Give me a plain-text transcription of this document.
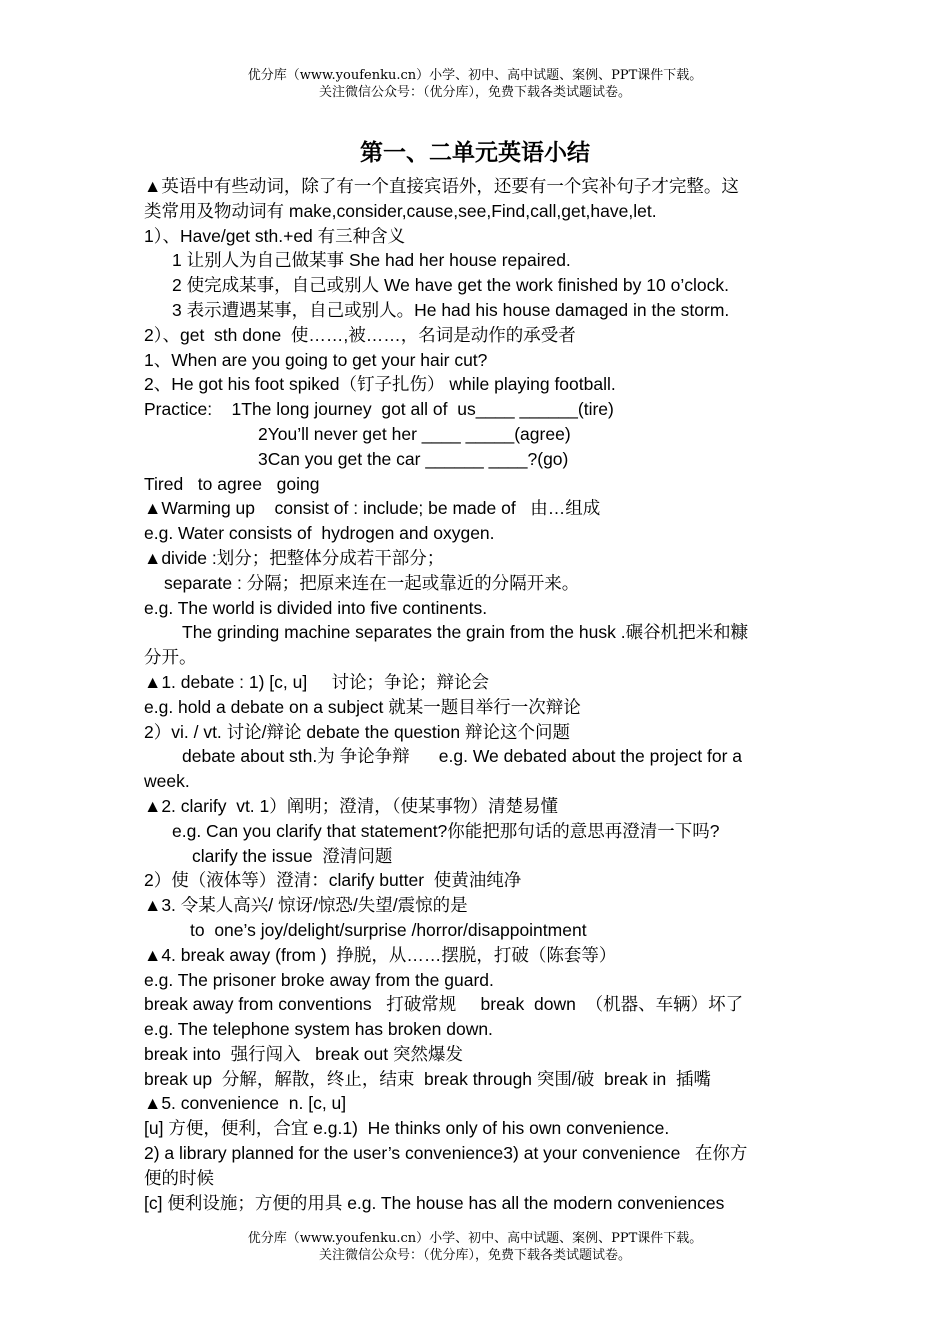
优分库（www.youfenku.cn）小学、初中、高中试题、案例、PPT课件下载。
关注微信公众号：（优分库），免费下载各类试题试卷。
第一、二单元英语小结
▲英语中有些动词，除了有一个直接宾语外，还要有一个宾补句子才完整。这
类常用及物动词有 make,consider,cause,see,Find,call,get,have,let.
1）、Have/get sth.+ed 有三种含义
1 让别人为自己做某事 She had her house repaired.
2 使完成某事，自己或别人 We have get the work finished by 10 o’clock.
3 表示遭遇某事，自己或别人。He had his house damaged in the storm.
2）、get  sth done  使……,被……，名词是动作的承受者
1、When are you going to get your hair cut?
2、He got his foot spiked（钉子扎伤） while playing football.
Practice:    1The long journey  got all of  us____ ______(tire)
2You’ll never get her ____ _____(agree)
3Can you get the car ______ ____?(go)
Tired   to agree   going
▲Warming up    consist of : include; be made of   由…组成
e.g. Water consists of  hydrogen and oxygen.
▲divide :划分；把整体分成若干部分；
separate : 分隔；把原来连在一起或靠近的分隔开来。
e.g. The world is divided into five continents.
The grinding machine separates the grain from the husk .碾谷机把米和糠
分开。
▲1. debate : 1) [c, u]     讨论；争论；辩论会
e.g. hold a debate on a subject 就某一题目举行一次辩论
2）vi. / vt. 讨论/辩论 debate the question 辩论这个问题
debate about sth.为 争论争辩      e.g. We debated about the project for a
week.
▲2. clarify  vt. 1）阐明；澄清，（使某事物）清楚易懂
e.g. Can you clarify that statement?你能把那句话的意思再澄清一下吗?
clarify the issue  澄清问题
2）使（液体等）澄清：clarify butter  使黄油纯净
▲3. 令某人高兴/ 惊讶/惊恐/失望/震惊的是
to  one’s joy/delight/surprise /horror/disappointment
▲4. break away (from )  挣脱，从……摆脱，打破（陈套等）
e.g. The prisoner broke away from the guard.
break away from conventions   打破常规     break  down  （机器、车辆）坏了
e.g. The telephone system has broken down.
break into  强行闯入   break out 突然爆发
break up  分解，解散，终止，结束  break through 突围/破  break in  插嘴
▲5. convenience  n. [c, u]
[u] 方便，便利，合宜 e.g.1)  He thinks only of his own convenience.
2) a library planned for the user’s convenience3) at your convenience   在你方
便的时候
[c] 便利设施；方便的用具 e.g. The house has all the modern conveniences
优分库（www.youfenku.cn）小学、初中、高中试题、案例、PPT课件下载。
关注微信公众号：（优分库），免费下载各类试题试卷。
